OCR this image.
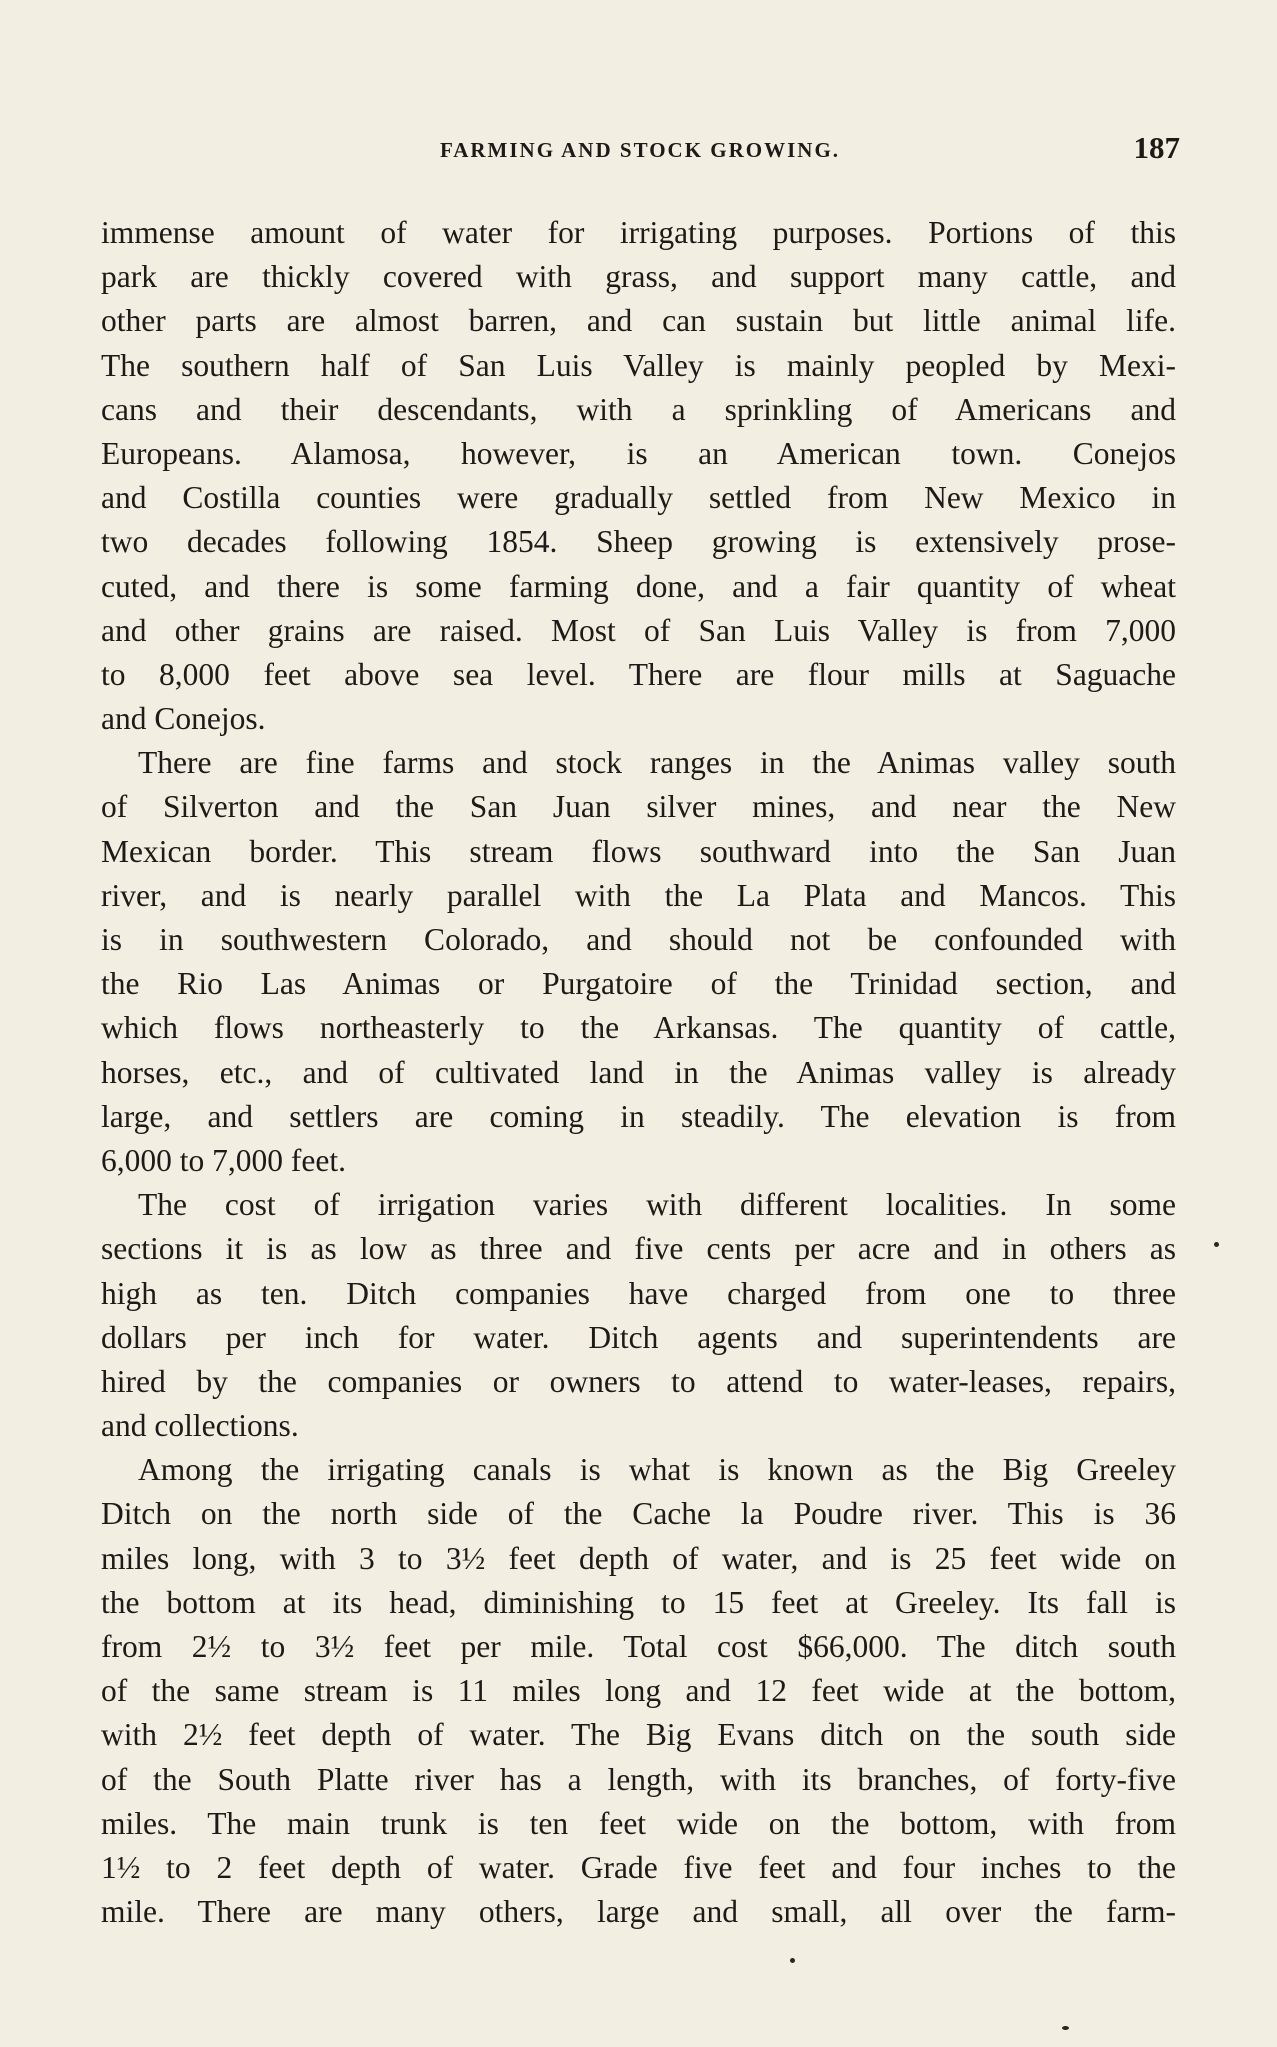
FARMING AND STOCK GROWING.	187
immense amount of water for irrigating purposes. Portions of this
park are thickly covered with grass, and support many cattle, and
other parts are almost barren, and can sustain but little animal life.
The southern half of San Luis Valley is mainly peopled by Mexi-
cans and their descendants, with a sprinkling of Americans and
Europeans. Alamosa, however, is an American town. Conejos
and Costilla counties were gradually settled from New Mexico in
two decades following 1854. Sheep growing is extensively prose-
cuted, and there is some farming done, and a fair quantity of wheat
and other grains are raised. Most of San Luis Valley is from 7,000
to 8,000 feet above sea level. There are flour mills at Saguache
and Conejos.
There are fine farms and stock ranges in the Animas valley south
of Silverton and the San Juan silver mines, and near the New
Mexican border. This stream flows southward into the San Juan
river, and is nearly parallel with the La Plata and Mancos. This
is in southwestern Colorado, and should not be confounded with
the Rio Las Animas or Purgatoire of the Trinidad section, and
which flows northeasterly to the Arkansas. The quantity of cattle,
horses, etc., and of cultivated land in the Animas valley is already
large, and settlers are coming in steadily. The elevation is from
6,000 to 7,000 feet.
The cost of irrigation varies with different localities. In some
sections it is as low as three and five cents per acre and in others as
high as ten. Ditch companies have charged from one to three
dollars per inch for water. Ditch agents and superintendents are
hired by the companies or owners to attend to water-leases, repairs,
and collections.
Among the irrigating canals is what is known as the Big Greeley
Ditch on the north side of the Cache la Poudre river. This is 36
miles long, with 3 to 3½ feet depth of water, and is 25 feet wide on
the bottom at its head, diminishing to 15 feet at Greeley. Its fall is
from 2½ to 3½ feet per mile. Total cost $66,000. The ditch south
of the same stream is 11 miles long and 12 feet wide at the bottom,
with 2½ feet depth of water. The Big Evans ditch on the south side
of the South Platte river has a length, with its branches, of forty-five
miles. The main trunk is ten feet wide on the bottom, with from
1½ to 2 feet depth of water. Grade five feet and four inches to the
mile. There are many others, large and small, all over the farm-
